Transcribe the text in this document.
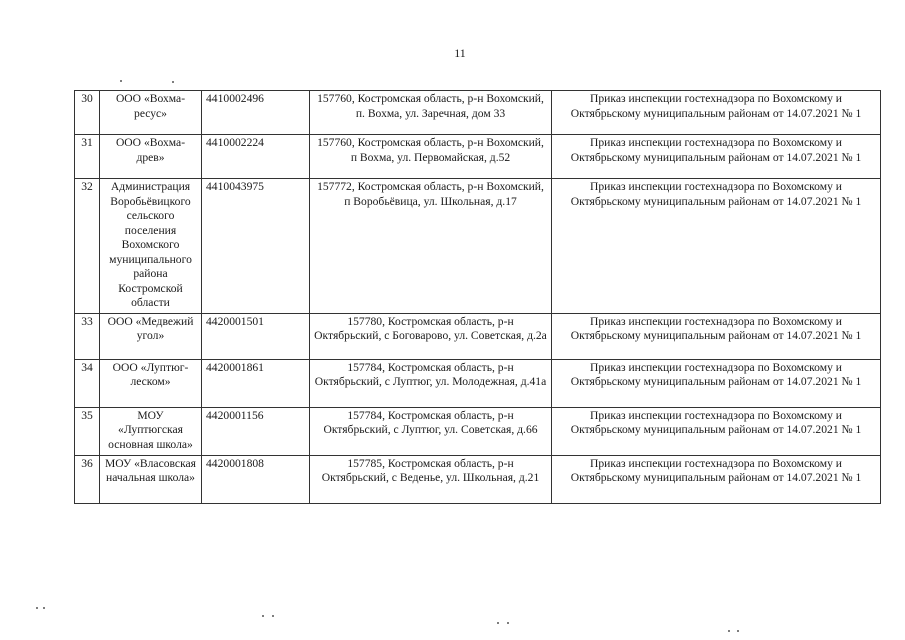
11
30	ООО «Вохма-ресус»	4410002496	157760, Костромская область, р-н Вохомский, п. Вохма, ул. Заречная, дом 33	Приказ инспекции гостехнадзора по Вохомскому и Октябрьскому муниципальным районам от 14.07.2021 № 1
31	ООО «Вохма-древ»	4410002224	157760, Костромская область, р-н Вохомский, п Вохма, ул. Первомайская, д.52	Приказ инспекции гостехнадзора по Вохомскому и Октябрьскому муниципальным районам от 14.07.2021 № 1
32	Администрация Воробьёвицкого сельского поселения Вохомского муниципального района Костромской области	4410043975	157772, Костромская область, р-н Вохомский, п Воробьёвица, ул. Школьная, д.17	Приказ инспекции гостехнадзора по Вохомскому и Октябрьскому муниципальным районам от 14.07.2021 № 1
33	ООО «Медвежий угол»	4420001501	157780, Костромская область, р-н Октябрьский, с Боговарово, ул. Советская, д.2а	Приказ инспекции гостехнадзора по Вохомскому и Октябрьскому муниципальным районам от 14.07.2021 № 1
34	ООО «Луптюг-леском»	4420001861	157784, Костромская область, р-н Октябрьский, с Луптюг, ул. Молодежная, д.41а	Приказ инспекции гостехнадзора по Вохомскому и Октябрьскому муниципальным районам от 14.07.2021 № 1
35	МОУ «Луптюгская основная школа»	4420001156	157784, Костромская область, р-н Октябрьский, с Луптюг, ул. Советская, д.66	Приказ инспекции гостехнадзора по Вохомскому и Октябрьскому муниципальным районам от 14.07.2021 № 1
36	МОУ «Власовская начальная школа»	4420001808	157785, Костромская область, р-н Октябрьский, с Веденье, ул. Школьная, д.21	Приказ инспекции гостехнадзора по Вохомскому и Октябрьскому муниципальным районам от 14.07.2021 № 1
